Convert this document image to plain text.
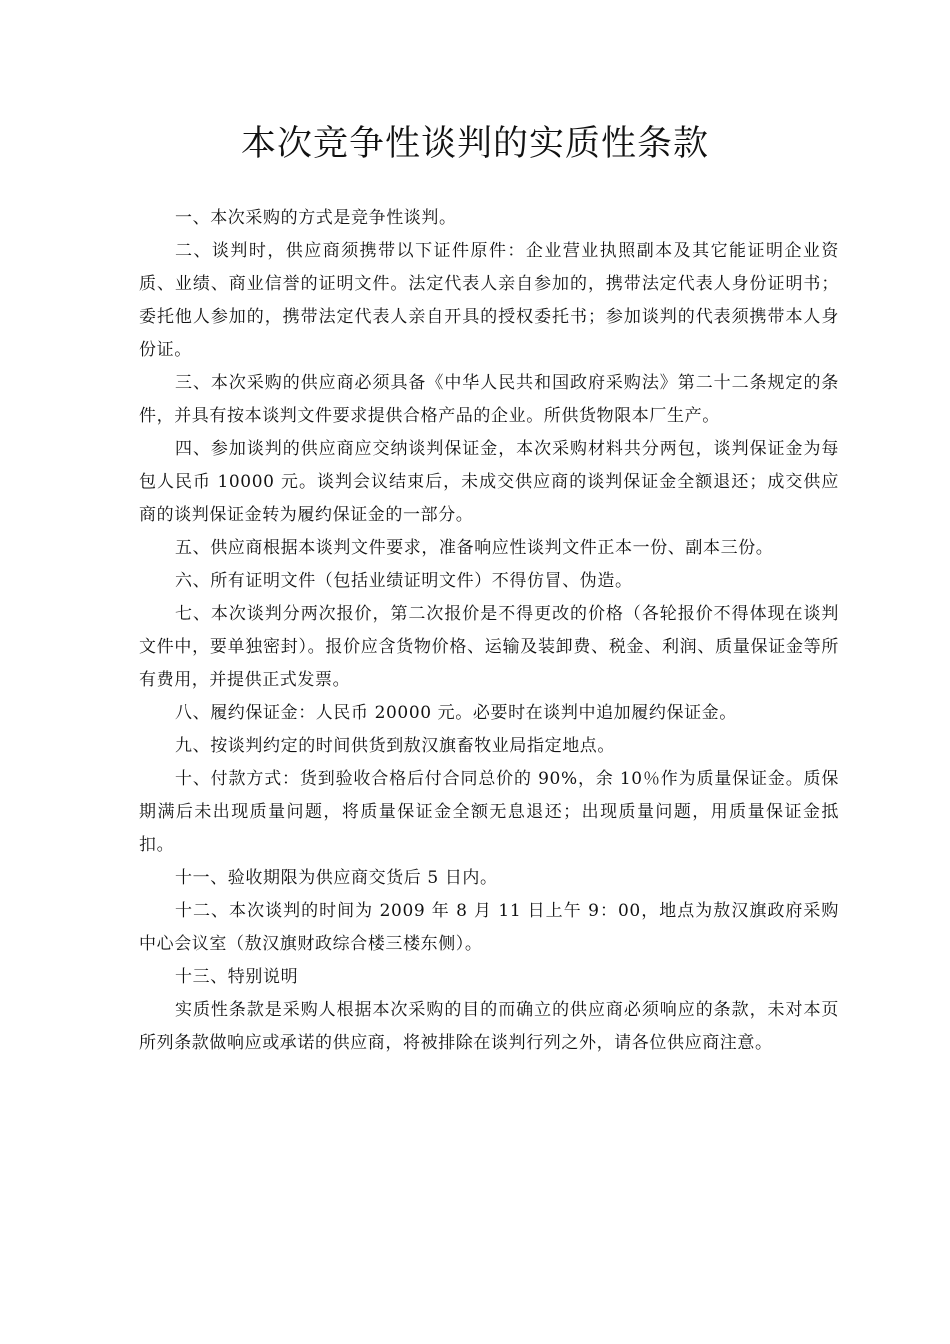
本次竞争性谈判的实质性条款

一、本次采购的方式是竞争性谈判。

二、谈判时，供应商须携带以下证件原件：企业营业执照副本及其它能证明企业资质、业绩、商业信誉的证明文件。法定代表人亲自参加的，携带法定代表人身份证明书；委托他人参加的，携带法定代表人亲自开具的授权委托书；参加谈判的代表须携带本人身份证。

三、本次采购的供应商必须具备《中华人民共和国政府采购法》第二十二条规定的条件，并具有按本谈判文件要求提供合格产品的企业。所供货物限本厂生产。

四、参加谈判的供应商应交纳谈判保证金，本次采购材料共分两包，谈判保证金为每包人民币 10000 元。谈判会议结束后，未成交供应商的谈判保证金全额退还；成交供应商的谈判保证金转为履约保证金的一部分。

五、供应商根据本谈判文件要求，准备响应性谈判文件正本一份、副本三份。

六、所有证明文件（包括业绩证明文件）不得仿冒、伪造。

七、本次谈判分两次报价，第二次报价是不得更改的价格（各轮报价不得体现在谈判文件中，要单独密封）。报价应含货物价格、运输及装卸费、税金、利润、质量保证金等所有费用，并提供正式发票。

八、履约保证金：人民币 20000 元。必要时在谈判中追加履约保证金。

九、按谈判约定的时间供货到敖汉旗畜牧业局指定地点。

十、付款方式：货到验收合格后付合同总价的 90%，余 10％作为质量保证金。质保期满后未出现质量问题，将质量保证金全额无息退还；出现质量问题，用质量保证金抵扣。

十一、验收期限为供应商交货后 5 日内。

十二、本次谈判的时间为 2009 年 8 月 11 日上午 9：00，地点为敖汉旗政府采购中心会议室（敖汉旗财政综合楼三楼东侧）。

十三、特别说明

实质性条款是采购人根据本次采购的目的而确立的供应商必须响应的条款，未对本页所列条款做响应或承诺的供应商，将被排除在谈判行列之外，请各位供应商注意。
